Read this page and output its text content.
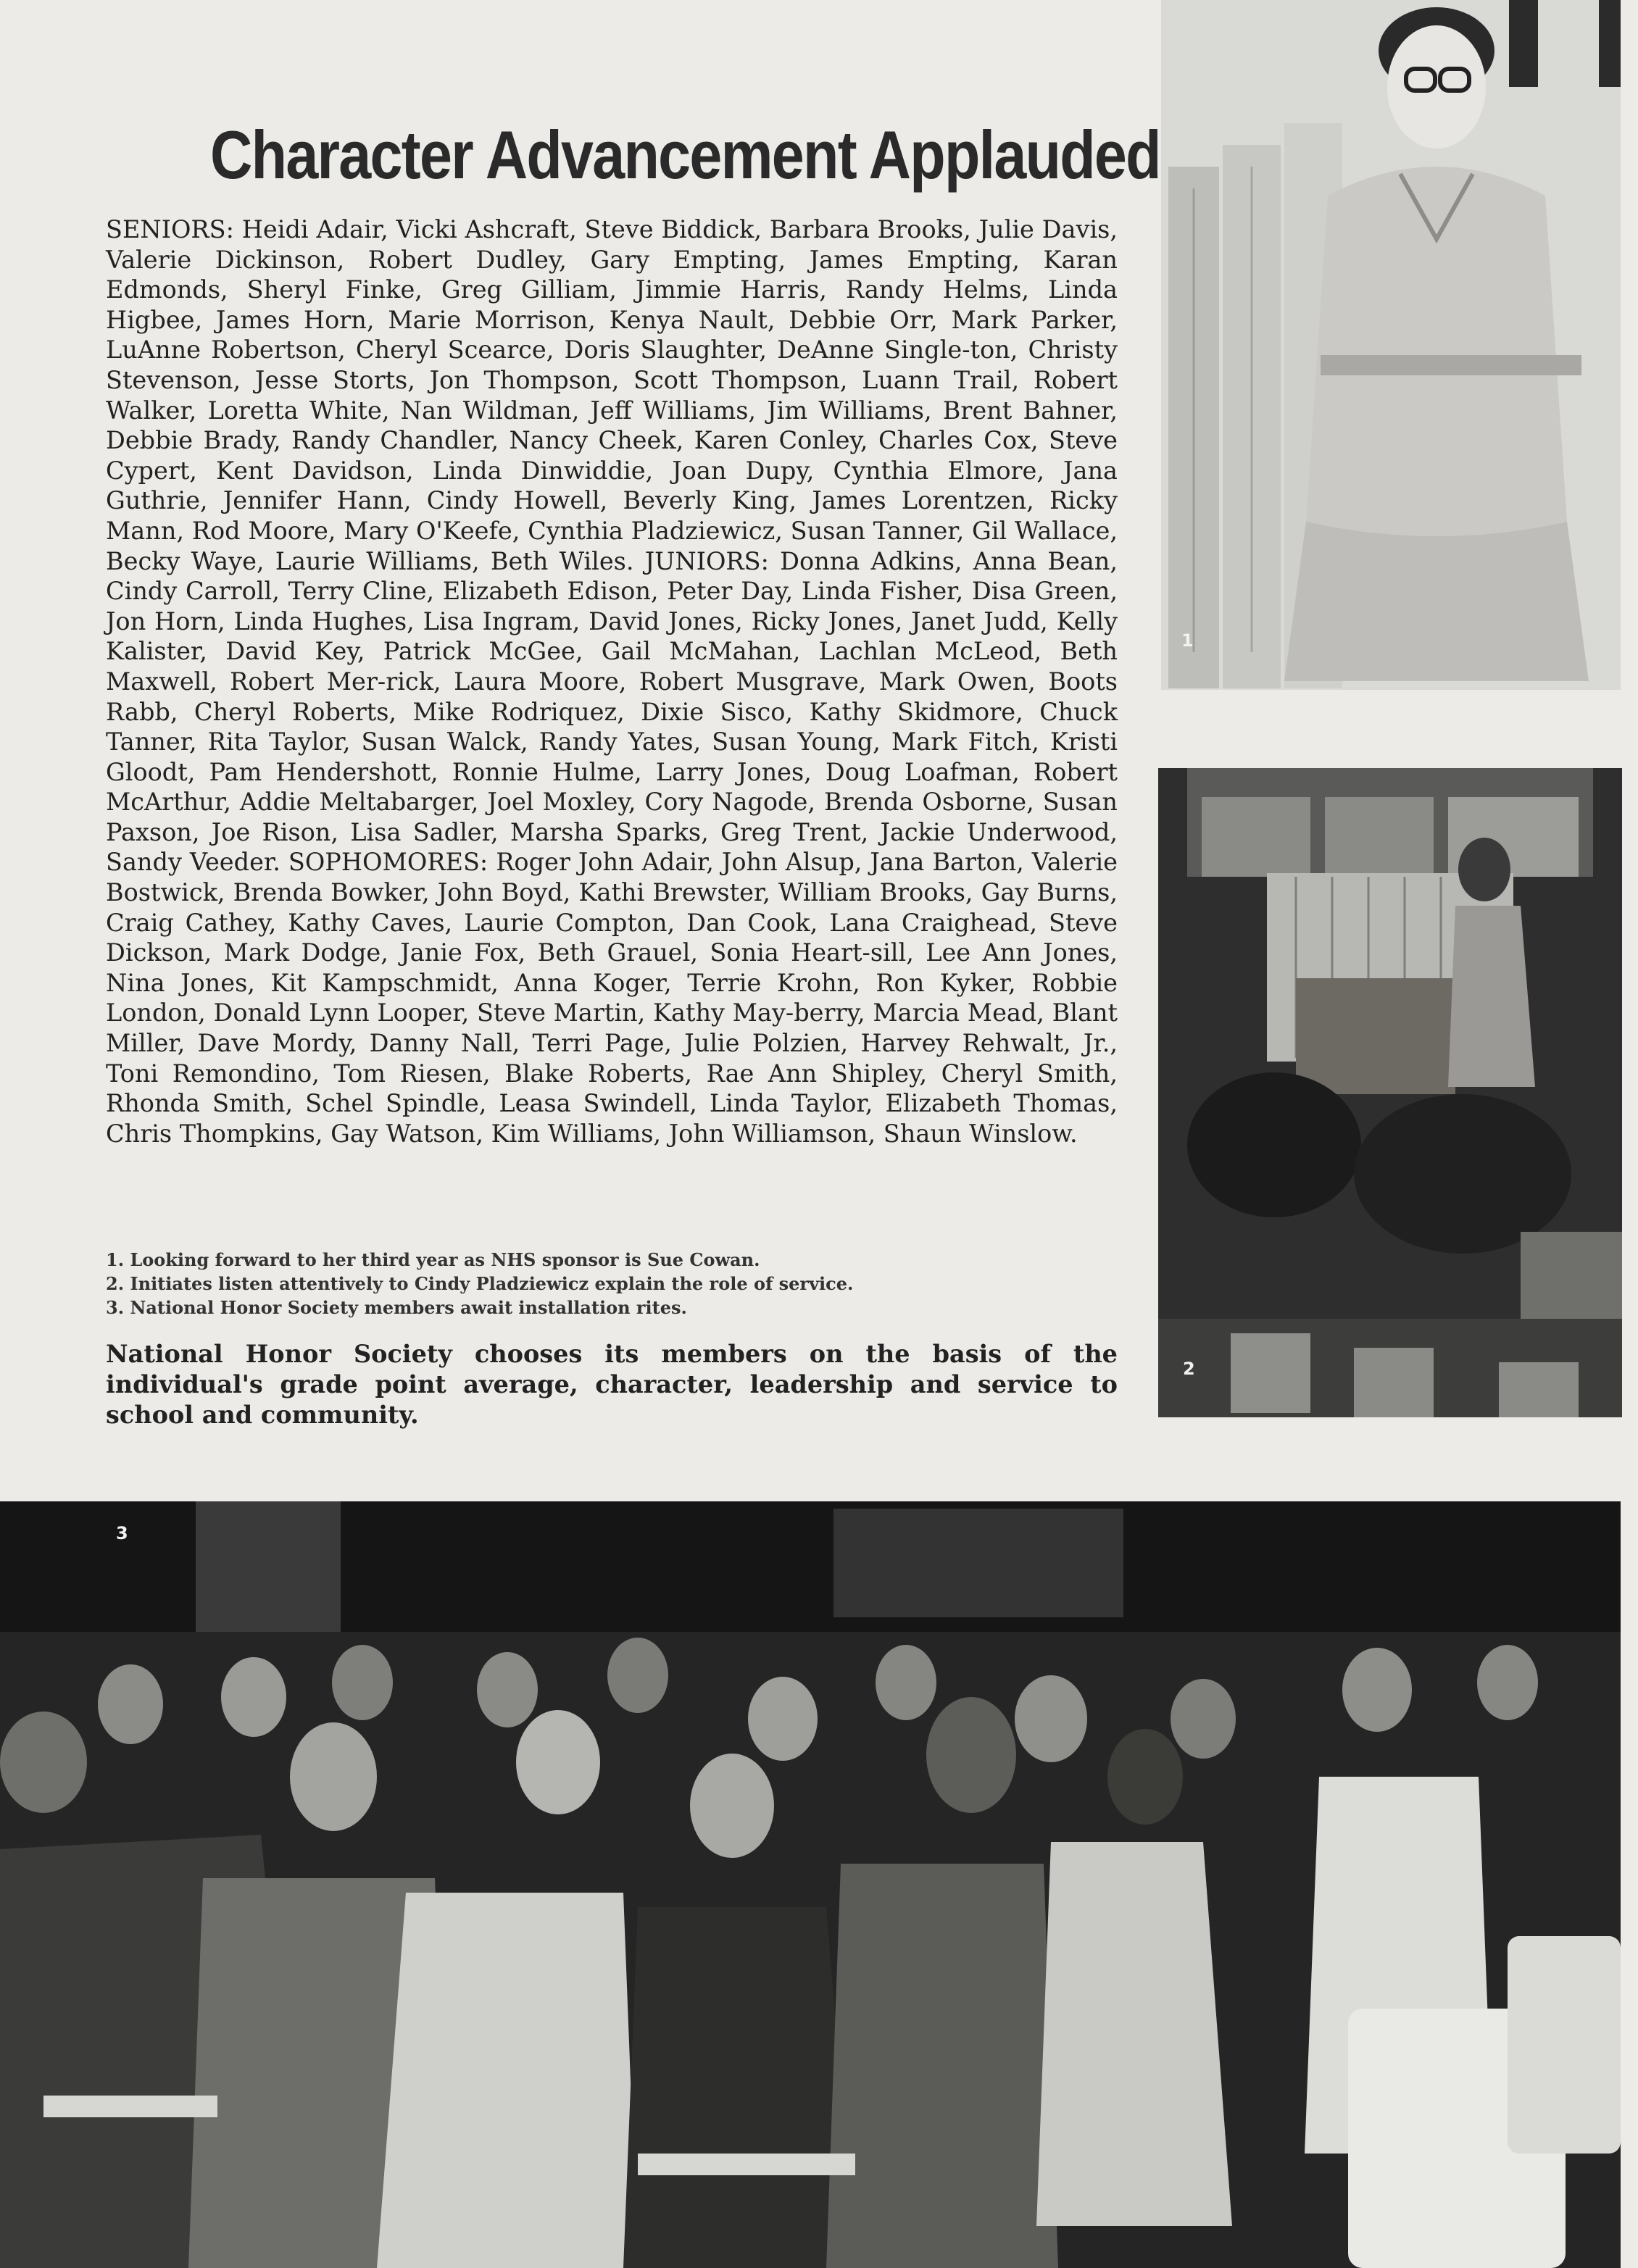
Character Advancement Applauded
SENIORS: Heidi Adair, Vicki Ashcraft, Steve Biddick, Barbara Brooks, Julie Davis, Valerie Dickinson, Robert Dudley, Gary Empting, James Empting, Karan Edmonds, Sheryl Finke, Greg Gilliam, Jimmie Harris, Randy Helms, Linda Higbee, James Horn, Marie Morrison, Kenya Nault, Debbie Orr, Mark Parker, LuAnne Robertson, Cheryl Scearce, Doris Slaughter, DeAnne Single-ton, Christy Stevenson, Jesse Storts, Jon Thompson, Scott Thompson, Luann Trail, Robert Walker, Loretta White, Nan Wildman, Jeff Williams, Jim Williams, Brent Bahner, Debbie Brady, Randy Chandler, Nancy Cheek, Karen Conley, Charles Cox, Steve Cypert, Kent Davidson, Linda Dinwiddie, Joan Dupy, Cynthia Elmore, Jana Guthrie, Jennifer Hann, Cindy Howell, Beverly King, James Lorentzen, Ricky Mann, Rod Moore, Mary O'Keefe, Cynthia Pladziewicz, Susan Tanner, Gil Wallace, Becky Waye, Laurie Williams, Beth Wiles. JUNIORS: Donna Adkins, Anna Bean, Cindy Carroll, Terry Cline, Elizabeth Edison, Peter Day, Linda Fisher, Disa Green, Jon Horn, Linda Hughes, Lisa Ingram, David Jones, Ricky Jones, Janet Judd, Kelly Kalister, David Key, Patrick McGee, Gail McMahan, Lachlan McLeod, Beth Maxwell, Robert Mer-rick, Laura Moore, Robert Musgrave, Mark Owen, Boots Rabb, Cheryl Roberts, Mike Rodriquez, Dixie Sisco, Kathy Skidmore, Chuck Tanner, Rita Taylor, Susan Walck, Randy Yates, Susan Young, Mark Fitch, Kristi Gloodt, Pam Hendershott, Ronnie Hulme, Larry Jones, Doug Loafman, Robert McArthur, Addie Meltabarger, Joel Moxley, Cory Nagode, Brenda Osborne, Susan Paxson, Joe Rison, Lisa Sadler, Marsha Sparks, Greg Trent, Jackie Underwood, Sandy Veeder. SOPHOMORES: Roger John Adair, John Alsup, Jana Barton, Valerie Bostwick, Brenda Bowker, John Boyd, Kathi Brewster, William Brooks, Gay Burns, Craig Cathey, Kathy Caves, Laurie Compton, Dan Cook, Lana Craighead, Steve Dickson, Mark Dodge, Janie Fox, Beth Grauel, Sonia Heart-sill, Lee Ann Jones, Nina Jones, Kit Kampschmidt, Anna Koger, Terrie Krohn, Ron Kyker, Robbie London, Donald Lynn Looper, Steve Martin, Kathy May-berry, Marcia Mead, Blant Miller, Dave Mordy, Danny Nall, Terri Page, Julie Polzien, Harvey Rehwalt, Jr., Toni Remondino, Tom Riesen, Blake Roberts, Rae Ann Shipley, Cheryl Smith, Rhonda Smith, Schel Spindle, Leasa Swindell, Linda Taylor, Elizabeth Thomas, Chris Thompkins, Gay Watson, Kim Williams, John Williamson, Shaun Winslow.
1. Looking forward to her third year as NHS sponsor is Sue Cowan.
2. Initiates listen attentively to Cindy Pladziewicz explain the role of service.
3. National Honor Society members await installation rites.
National Honor Society chooses its members on the basis of the individual's grade point average, character, leadership and service to school and community.
1
2
3
